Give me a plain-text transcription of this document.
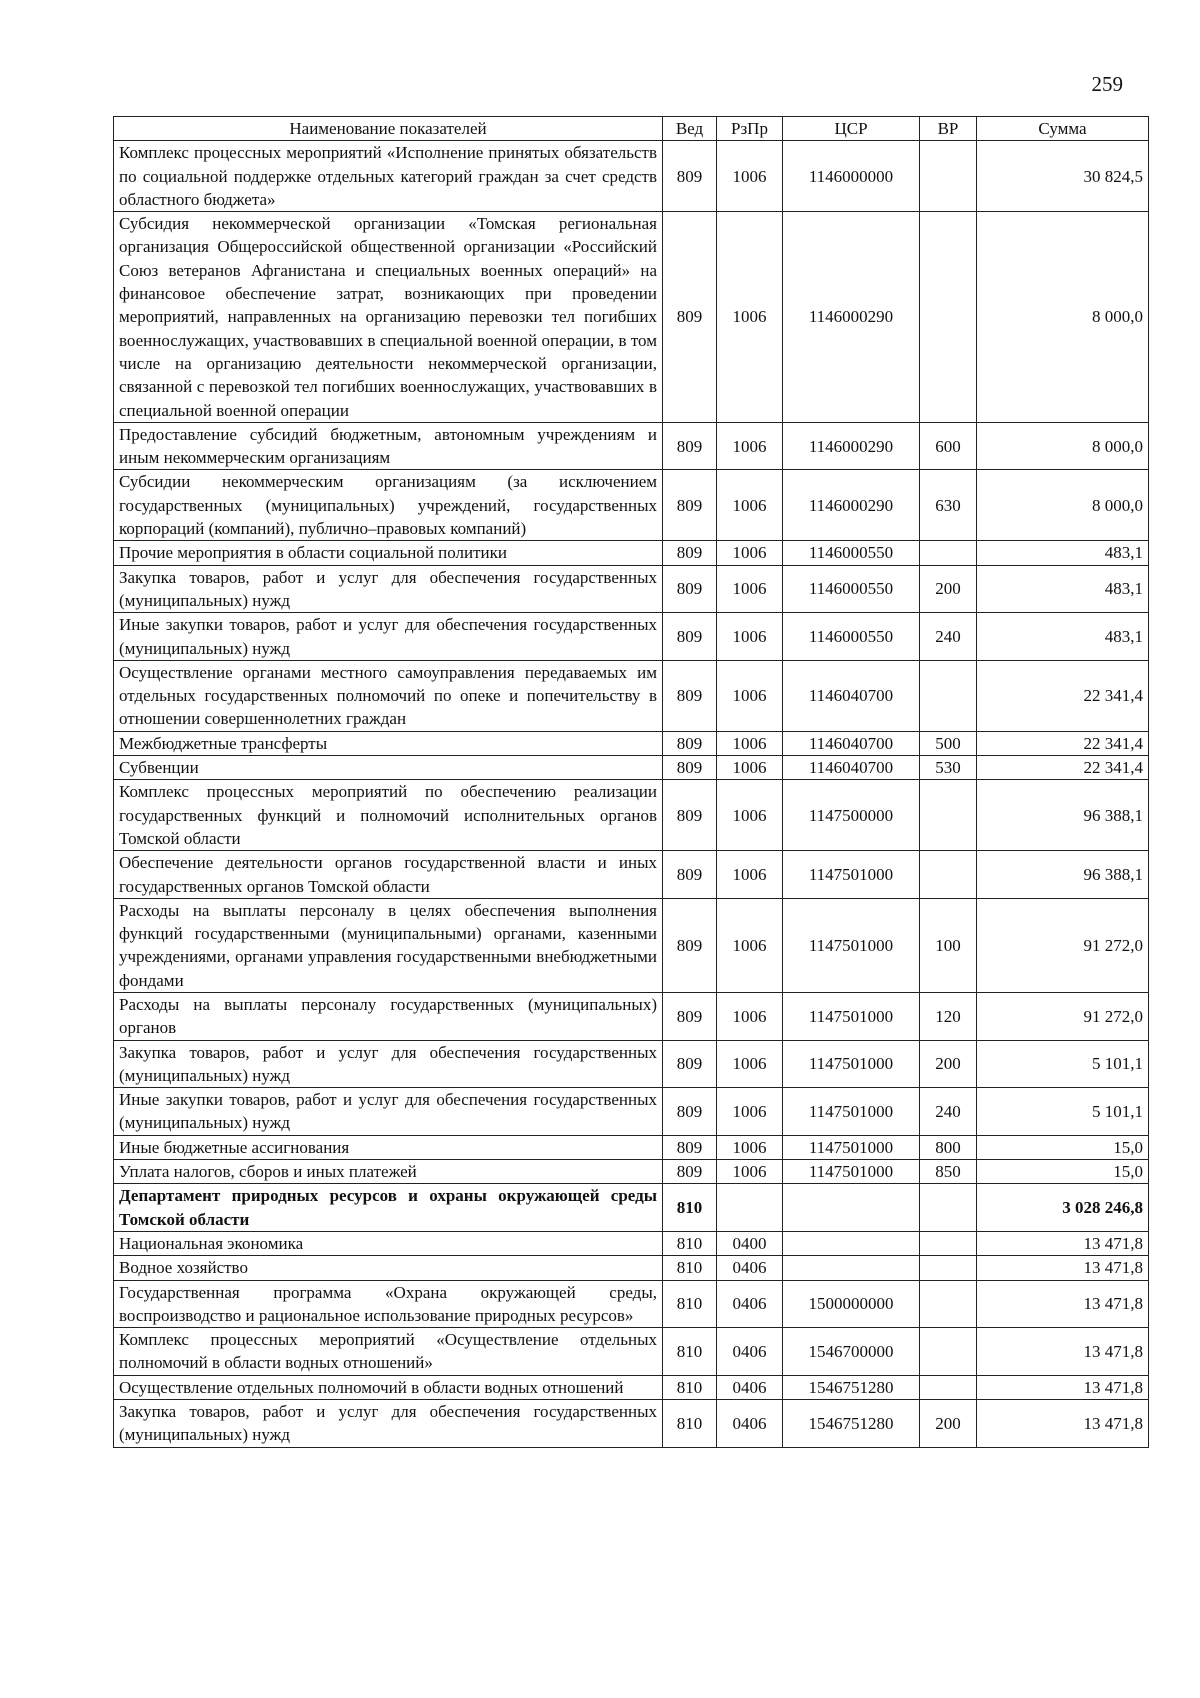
259
Наименование показателей	Вед	РзПр	ЦСР	ВР	Сумма
Комплекс процессных мероприятий «Исполнение принятых обязательств по социальной поддержке отдельных категорий граждан за счет средств областного бюджета»	809	1006	1146000000		30 824,5
Субсидия некоммерческой организации «Томская региональная организация Общероссийской общественной организации «Российский Союз ветеранов Афганистана и специальных военных операций» на финансовое обеспечение затрат, возникающих при проведении мероприятий, направленных на организацию перевозки тел погибших военнослужащих, участвовавших в специальной военной операции, в том числе на организацию деятельности некоммерческой организации, связанной с перевозкой тел погибших военнослужащих, участвовавших в специальной военной операции	809	1006	1146000290		8 000,0
Предоставление субсидий бюджетным, автономным учреждениям и иным некоммерческим организациям	809	1006	1146000290	600	8 000,0
Субсидии некоммерческим организациям (за исключением государственных (муниципальных) учреждений, государственных корпораций (компаний), публично–правовых компаний)	809	1006	1146000290	630	8 000,0
Прочие мероприятия в области социальной политики	809	1006	1146000550		483,1
Закупка товаров, работ и услуг для обеспечения государственных (муниципальных) нужд	809	1006	1146000550	200	483,1
Иные закупки товаров, работ и услуг для обеспечения государственных (муниципальных) нужд	809	1006	1146000550	240	483,1
Осуществление органами местного самоуправления передаваемых им отдельных государственных полномочий по опеке и попечительству в отношении совершеннолетних граждан	809	1006	1146040700		22 341,4
Межбюджетные трансферты	809	1006	1146040700	500	22 341,4
Субвенции	809	1006	1146040700	530	22 341,4
Комплекс процессных мероприятий по обеспечению реализации государственных функций и полномочий исполнительных органов Томской области	809	1006	1147500000		96 388,1
Обеспечение деятельности органов государственной власти и иных государственных органов Томской области	809	1006	1147501000		96 388,1
Расходы на выплаты персоналу в целях обеспечения выполнения функций государственными (муниципальными) органами, казенными учреждениями, органами управления государственными внебюджетными фондами	809	1006	1147501000	100	91 272,0
Расходы на выплаты персоналу государственных (муниципальных) органов	809	1006	1147501000	120	91 272,0
Закупка товаров, работ и услуг для обеспечения государственных (муниципальных) нужд	809	1006	1147501000	200	5 101,1
Иные закупки товаров, работ и услуг для обеспечения государственных (муниципальных) нужд	809	1006	1147501000	240	5 101,1
Иные бюджетные ассигнования	809	1006	1147501000	800	15,0
Уплата налогов, сборов и иных платежей	809	1006	1147501000	850	15,0
Департамент природных ресурсов и охраны окружающей среды Томской области	810				3 028 246,8
Национальная экономика	810	0400			13 471,8
Водное хозяйство	810	0406			13 471,8
Государственная программа «Охрана окружающей среды, воспроизводство и рациональное использование природных ресурсов»	810	0406	1500000000		13 471,8
Комплекс процессных мероприятий «Осуществление отдельных полномочий в области водных отношений»	810	0406	1546700000		13 471,8
Осуществление отдельных полномочий в области водных отношений	810	0406	1546751280		13 471,8
Закупка товаров, работ и услуг для обеспечения государственных (муниципальных) нужд	810	0406	1546751280	200	13 471,8
